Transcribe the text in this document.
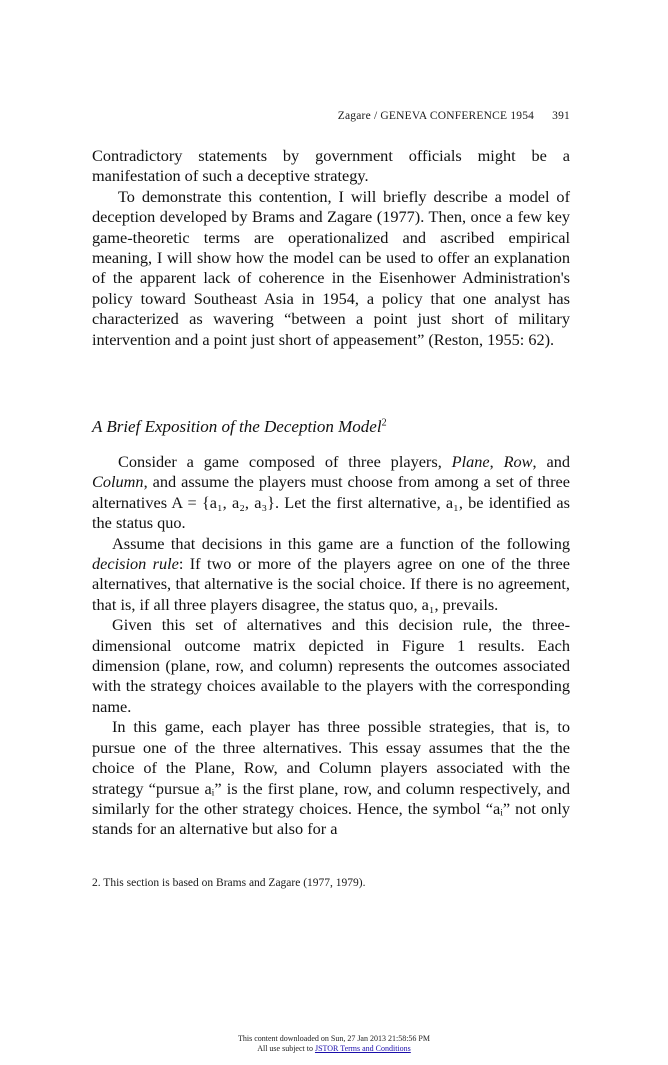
Zagare / GENEVA CONFERENCE 1954 391

Contradictory statements by government officials might be a manifestation of such a deceptive strategy.

To demonstrate this contention, I will briefly describe a model of deception developed by Brams and Zagare (1977). Then, once a few key game-theoretic terms are operationalized and ascribed empirical meaning, I will show how the model can be used to offer an explanation of the apparent lack of coherence in the Eisenhower Administration's policy toward Southeast Asia in 1954, a policy that one analyst has characterized as wavering “between a point just short of military intervention and a point just short of appeasement” (Reston, 1955: 62).

A Brief Exposition of the Deception Model$^2$

Consider a game composed of three players, Plane, Row, and Column, and assume the players must choose from among a set of three alternatives A = {a₁, a₂, a₃}. Let the first alternative, a₁, be identified as the status quo.

Assume that decisions in this game are a function of the following decision rule: If two or more of the players agree on one of the three alternatives, that alternative is the social choice. If there is no agreement, that is, if all three players disagree, the status quo, a₁, prevails.

Given this set of alternatives and this decision rule, the three-dimensional outcome matrix depicted in Figure 1 results. Each dimension (plane, row, and column) represents the outcomes associated with the strategy choices available to the players with the corresponding name.

In this game, each player has three possible strategies, that is, to pursue one of the three alternatives. This essay assumes that the the choice of the Plane, Row, and Column players associated with the strategy “pursue aᵢ” is the first plane, row, and column respectively, and similarly for the other strategy choices. Hence, the symbol “aᵢ” not only stands for an alternative but also for a

2. This section is based on Brams and Zagare (1977, 1979).
This content downloaded on Sun, 27 Jan 2013 21:58:56 PM
All use subject to JSTOR Terms and Conditions
